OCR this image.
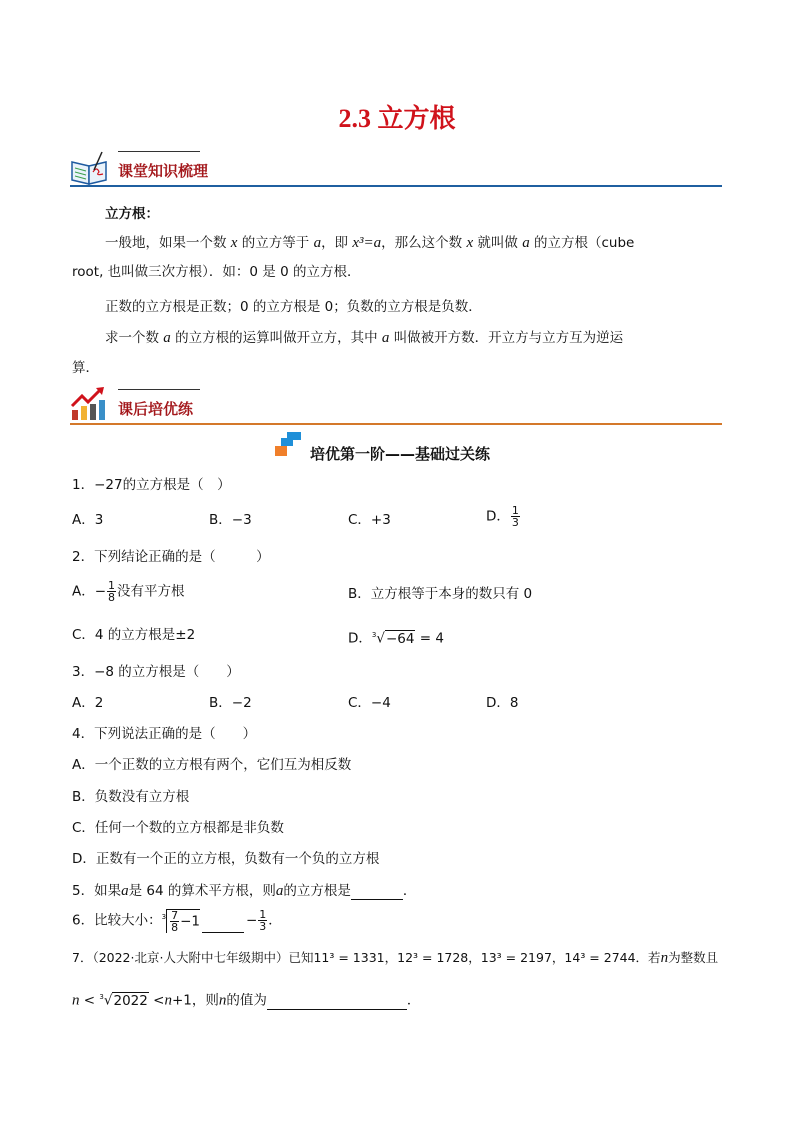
2.3 立方根
课堂知识梳理
立方根：
一般地，如果一个数 x 的立方等于 a，即 x³=a，那么这个数 x 就叫做 a 的立方根（cube
root, 也叫做三次方根）．如：0 是 0 的立方根．
正数的立方根是正数；0 的立方根是 0；负数的立方根是负数．
求一个数 a 的立方根的运算叫做开立方，其中 a 叫做被开方数．开立方与立方互为逆运
算．
课后培优练
培优第一阶——基础过关练
1．−27的立方根是（　）
A．3	B．−3	C．+3	D． $\frac{1}{3}$
2．下列结论正确的是（　　　）
A．− $\frac{1}{8}$ 没有平方根	B．立方根等于本身的数只有 0
C．4 的立方根是±2	D．$^3$√−64 = 4
3．−8 的立方根是（　　）
A．2	B．−2	C．−4	D．8
4．下列说法正确的是（　　）
A．一个正数的立方根有两个，它们互为相反数
B．负数没有立方根
C．任何一个数的立方根都是非负数
D．正数有一个正的立方根，负数有一个负的立方根
5．如果a是 64 的算术平方根，则a的立方根是	．
6．比较大小：$^3 \frac{7}{8} -1$	− $\frac{1}{3}$ ．
7．（2022·北京·人大附中七年级期中）已知11³ = 1331，12³ = 1728，13³ = 2197，14³ = 2744．若n为整数且
n < $^3$√2022 <n+1，则n的值为	．
